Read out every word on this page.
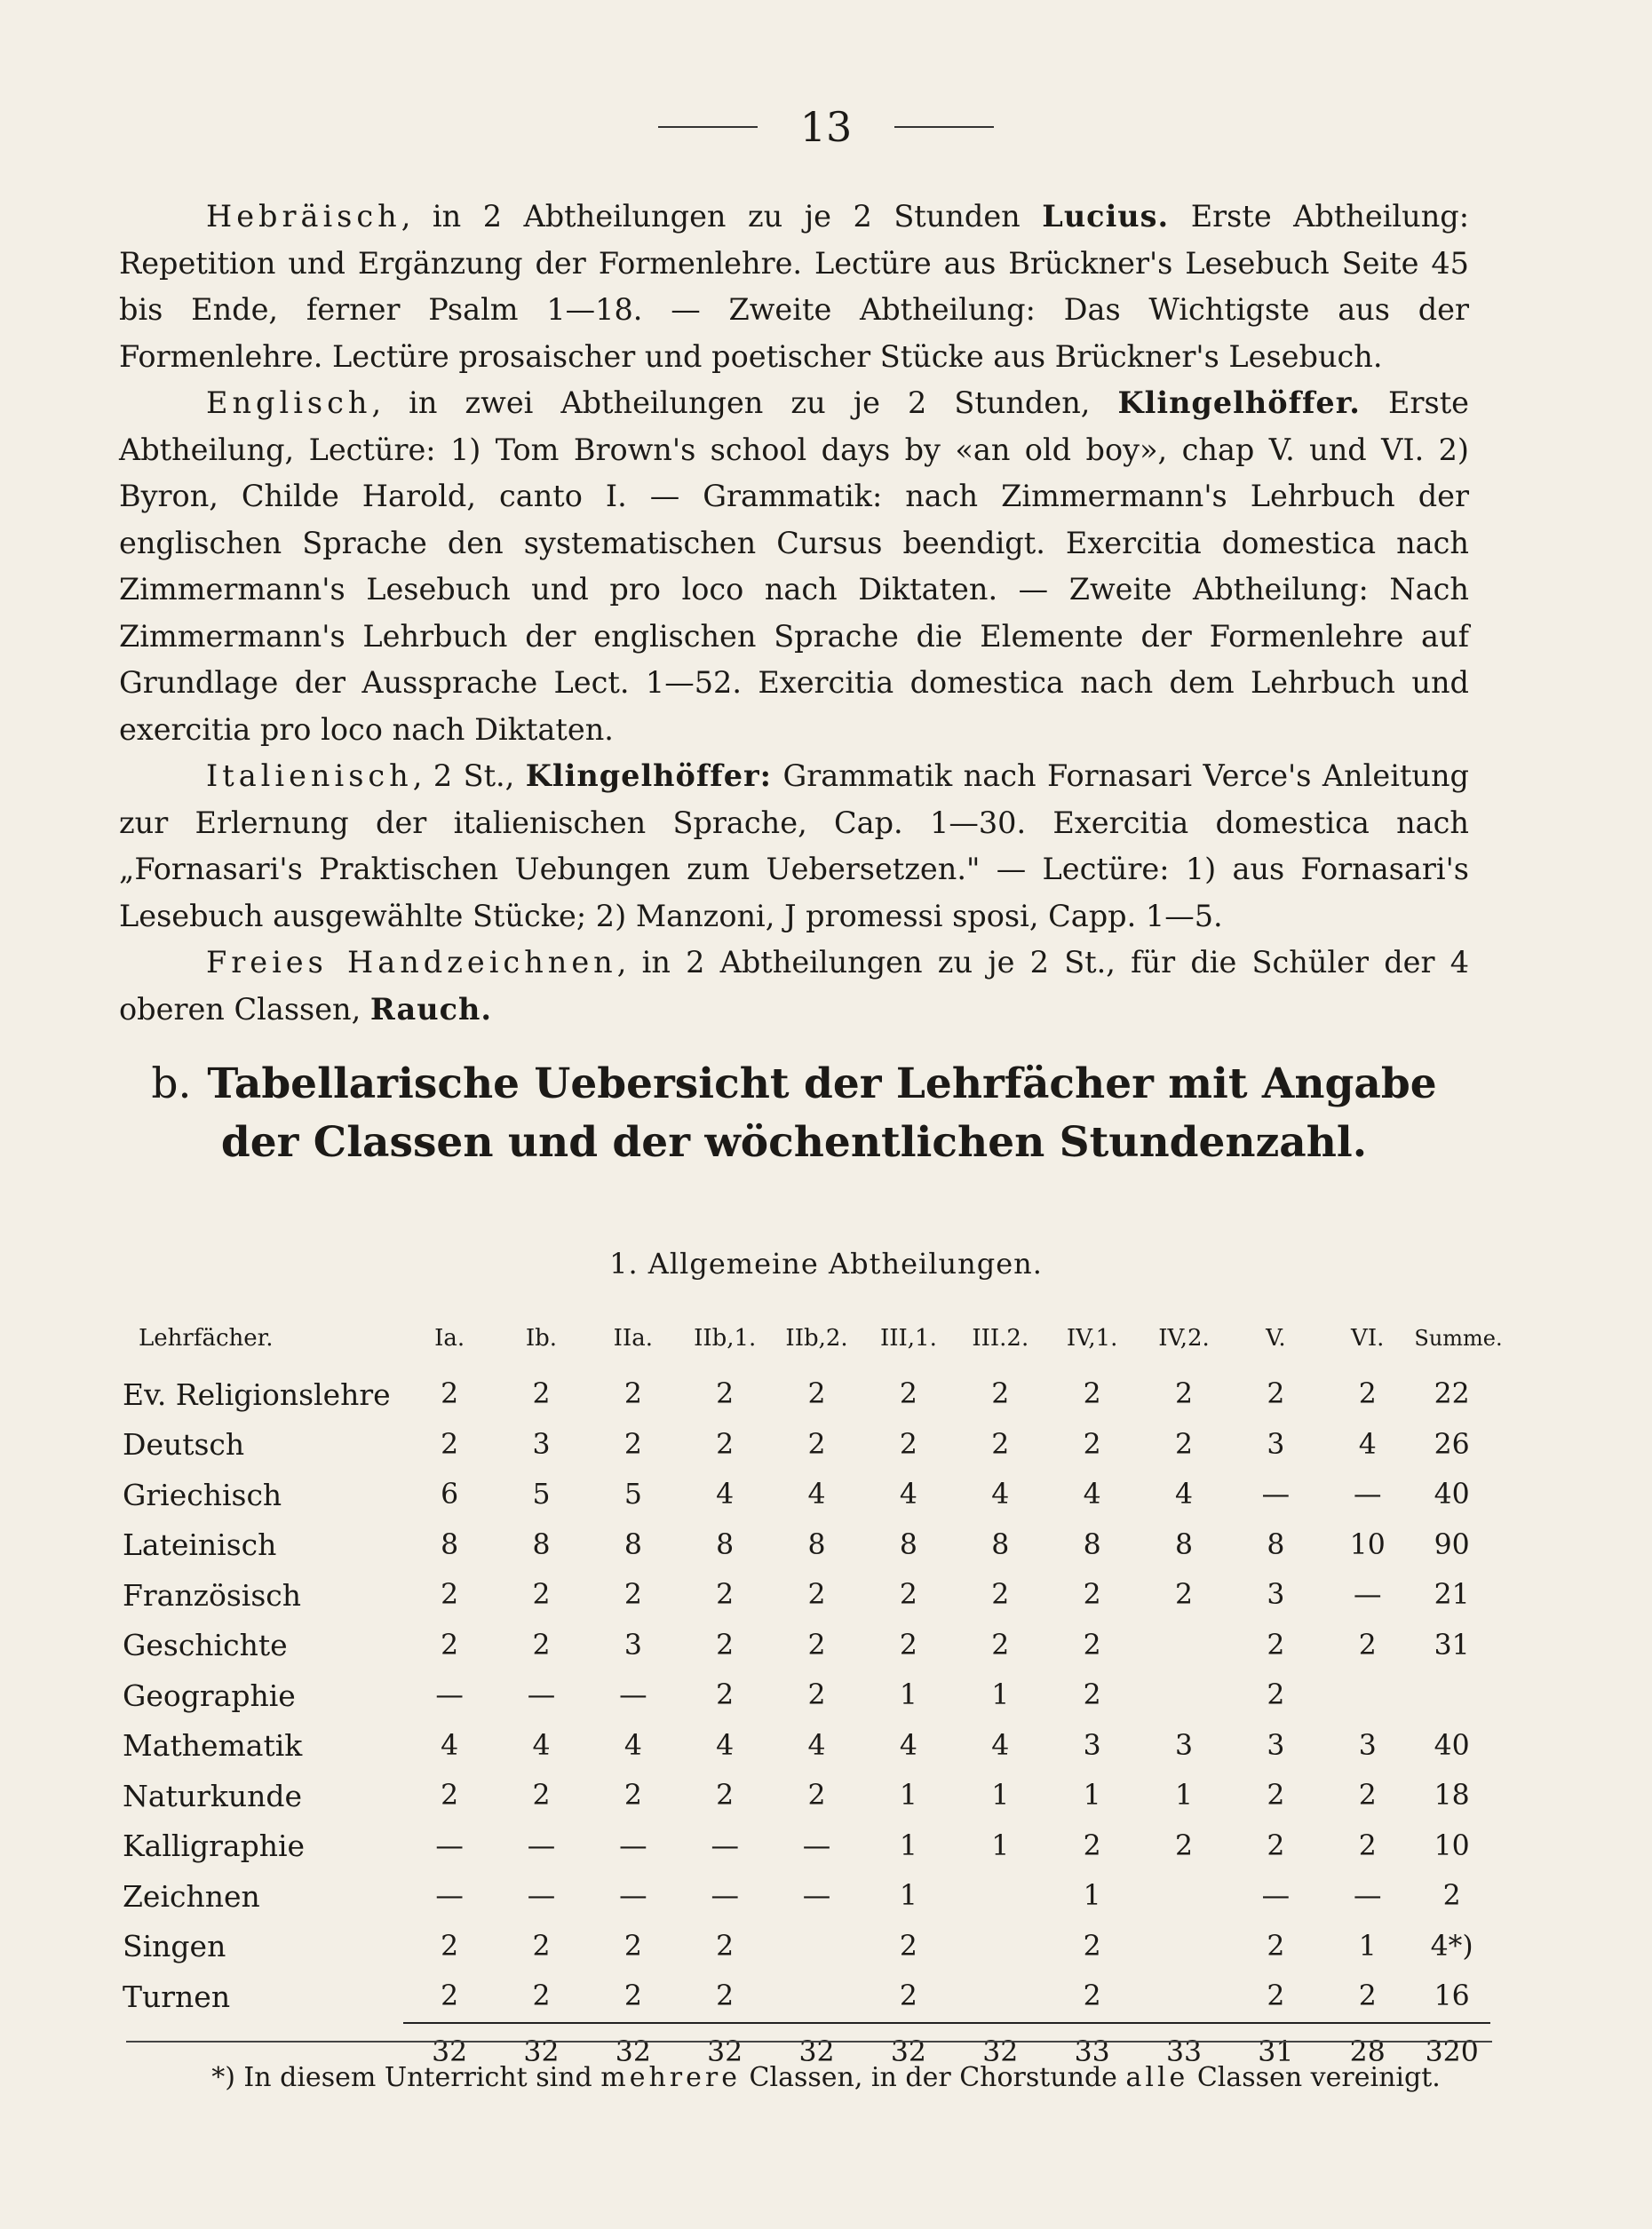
13

Hebräisch, in 2 Abtheilungen zu je 2 Stunden Lucius. Erste Abtheilung: Repetition und Ergänzung der Formenlehre. Lectüre aus Brückner's Lesebuch Seite 45 bis Ende, ferner Psalm 1—18. — Zweite Abtheilung: Das Wichtigste aus der Formenlehre. Lectüre prosaischer und poetischer Stücke aus Brückner's Lesebuch.

Englisch, in zwei Abtheilungen zu je 2 Stunden, Klingelhöffer. Erste Abtheilung, Lectüre: 1) Tom Brown's school days by «an old boy», chap V. und VI. 2) Byron, Childe Harold, canto I. — Grammatik: nach Zimmermann's Lehrbuch der englischen Sprache den systematischen Cursus beendigt. Exercitia domestica nach Zimmermann's Lesebuch und pro loco nach Diktaten. — Zweite Abtheilung: Nach Zimmermann's Lehrbuch der englischen Sprache die Elemente der Formenlehre auf Grundlage der Aussprache Lect. 1—52. Exercitia domestica nach dem Lehrbuch und exercitia pro loco nach Diktaten.

Italienisch, 2 St., Klingelhöffer: Grammatik nach Fornasari Verce's Anleitung zur Erlernung der italienischen Sprache, Cap. 1—30. Exercitia domestica nach „Fornasari's Praktischen Uebungen zum Uebersetzen." — Lectüre: 1) aus Fornasari's Lesebuch ausgewählte Stücke; 2) Manzoni, J promessi sposi, Capp. 1—5.

Freies Handzeichnen, in 2 Abtheilungen zu je 2 St., für die Schüler der 4 oberen Classen, Rauch.

b. Tabellarische Uebersicht der Lehrfächer mit Angabe der Classen und der wöchentlichen Stundenzahl.
1. Allgemeine Abtheilungen.
Lehrfächer.	Ia.	Ib.	IIa.	IIb,1.	IIb,2.	III,1.	III.2.	IV,1.	IV,2.	V.	VI.	Summe.
Ev. Religionslehre	2	2	2	2	2	2	2	2	2	2	2	22
Deutsch	2	3	2	2	2	2	2	2	2	3	4	26
Griechisch	6	5	5	4	4	4	4	4	4	—	—	40
Lateinisch	8	8	8	8	8	8	8	8	8	8	10	90
Französisch	2	2	2	2	2	2	2	2	2	3	—	21
Geschichte	2	2	3	2	2	2	2	2		2	2	31
Geographie	—	—	—	2	2	1	1	2		2		
Mathematik	4	4	4	4	4	4	4	3	3	3	3	40
Naturkunde	2	2	2	2	2	1	1	1	1	2	2	18
Kalligraphie	—	—	—	—	—	1	1	2	2	2	2	10
Zeichnen	—	—	—	—	—	1		1		—	—	2
Singen	2	2	2	2		2		2		2	1	4*)
Turnen	2	2	2	2		2		2		2	2	16
	32	32	32	32	32	32	32	33	33	31	28	320
*) In diesem Unterricht sind mehrere Classen, in der Chorstunde alle Classen vereinigt.
